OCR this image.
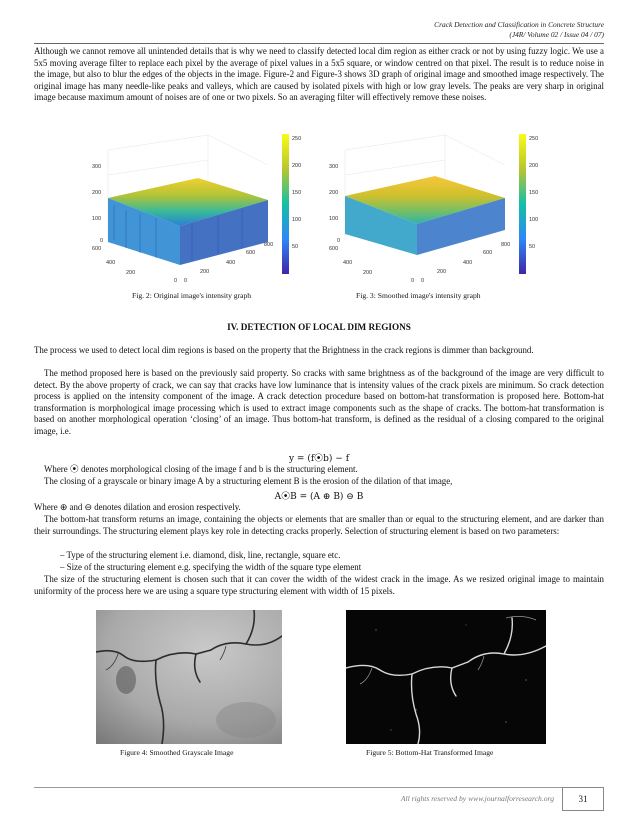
Crack Detection and Classification in Concrete Structure
(J4R/ Volume 02 / Issue 04 / 07)

Although we cannot remove all unintended details that is why we need to classify detected local dim region as either crack or not by using fuzzy logic. We use a 5x5 moving average filter to replace each pixel by the average of pixel values in a 5x5 square, or window centred on that pixel. The result is to reduce noise in the image, but also to blur the edges of the objects in the image. Figure-2 and Figure-3 shows 3D graph of original image and smoothed image respectively. The original image has many needle-like peaks and valleys, which are caused by isolated pixels with high or low gray levels. The peaks are very sharp in original image because maximum amount of noises are of one or two pixels. So an averaging filter will effectively remove these noises.

300
200
100
0
600
400
200
0 0
200
400
600
800
250
200
150
100
50
Fig. 2: Original image's intensity graph
300
200
100
0
600
400
200
0 0
200
400
600
800
250
200
150
100
50
Fig. 3: Smoothed image's intensity graph
IV. DETECTION OF LOCAL DIM REGIONS

The process we used to detect local dim regions is based on the property that the Brightness in the crack regions is dimmer than background.

The method proposed here is based on the previously said property. So cracks with same brightness as of the background of the image are very difficult to detect. By the above property of crack, we can say that cracks have low luminance that is intensity values of the crack pixels are minimum. So crack detection process is applied on the intensity component of the image. A crack detection procedure based on bottom-hat transformation is proposed here. Bottom-hat transformation is morphological image processing which is used to extract image components such as the shape of cracks. The bottom-hat transformation is based on another morphological operation ‘closing’ of an image. Thus bottom-hat transform, is defined as the residual of a closing compared to the original image, i.e.

y = (f⦿b) − f

Where ⦿ denotes morphological closing of the image f and b is the structuring element.

The closing of a grayscale or binary image A by a structuring element B is the erosion of the dilation of that image,

A⦿B = (A ⊕ B) ⊖ B

Where ⊕ and ⊖ denotes dilation and erosion respectively.

The bottom-hat transform returns an image, containing the objects or elements that are smaller than or equal to the structuring element, and are darker than their surroundings. The structuring element plays key role in detecting cracks properly. Selection of structuring element is based on two parameters:

– Type of the structuring element i.e. diamond, disk, line, rectangle, square etc.
– Size of the structuring element e.g. specifying the width of the square type element

The size of the structuring element is chosen such that it can cover the width of the widest crack in the image. As we resized original image to maintain uniformity of the process here we are using a square type structuring element with width of 15 pixels.

Figure 4: Smoothed Grayscale Image	Figure 5: Bottom-Hat Transformed Image
All rights reserved by www.journalforresearch.org	31
